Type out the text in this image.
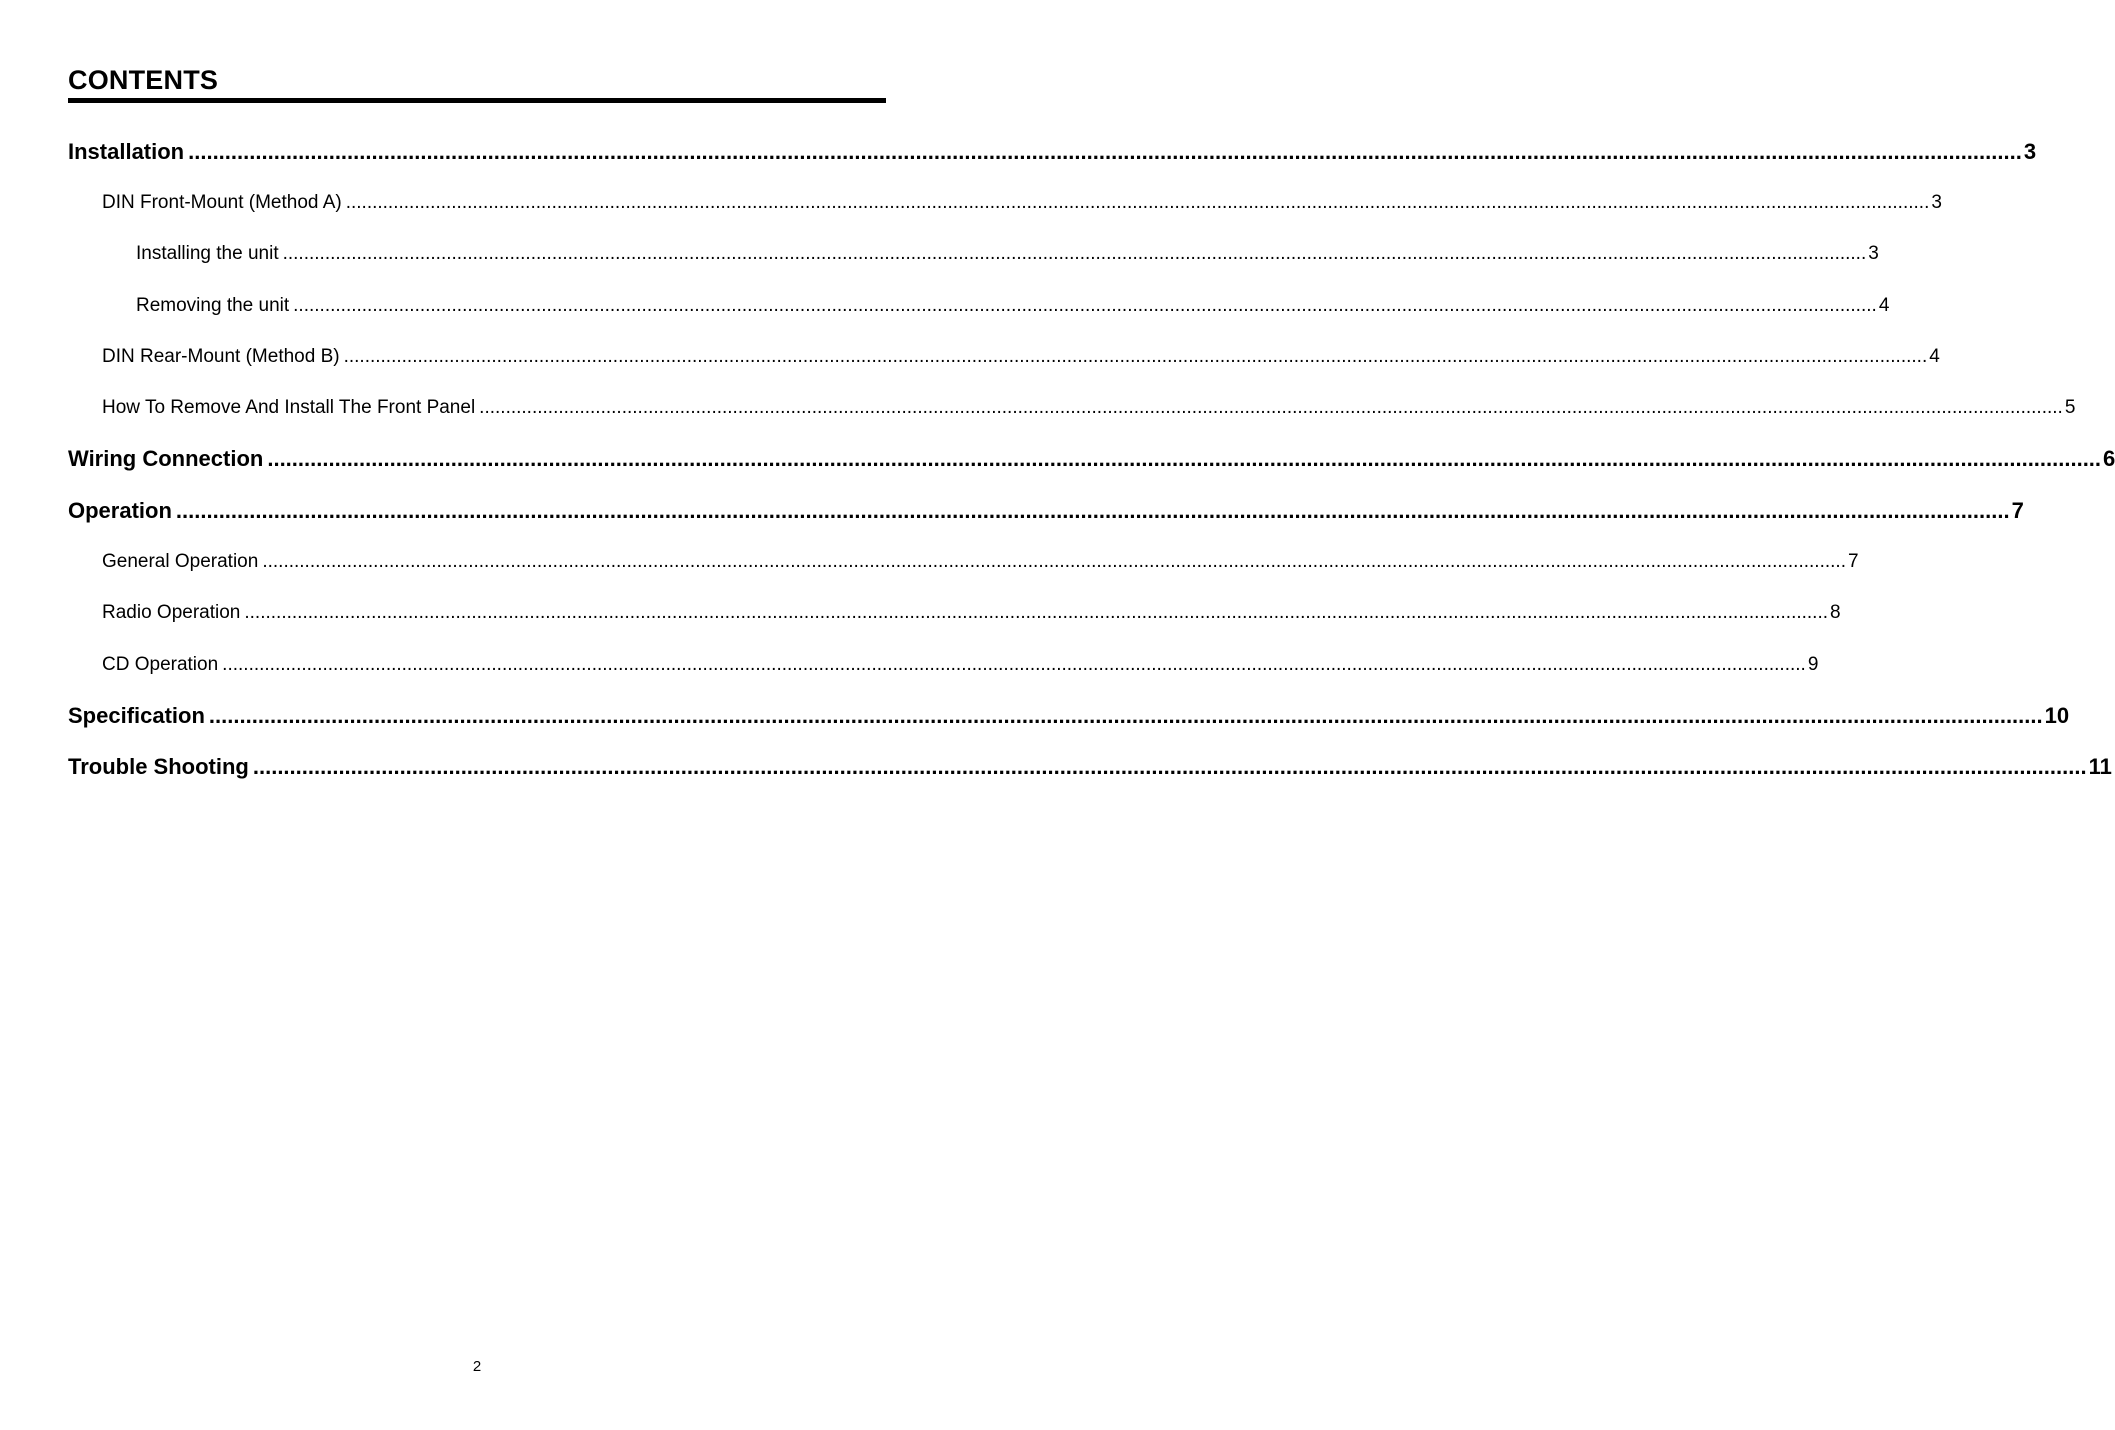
CONTENTS
Installation ............................................................................................................................................................................................................................................................................................................ 3
DIN Front-Mount (Method A) ............................................................................................................................................................................................................................................................................................................ 3
Installing the unit ............................................................................................................................................................................................................................................................................................................ 3
Removing the unit ............................................................................................................................................................................................................................................................................................................ 4
DIN Rear-Mount (Method B) ............................................................................................................................................................................................................................................................................................................ 4
How To Remove And Install The Front Panel ............................................................................................................................................................................................................................................................................................................ 5
Wiring Connection ............................................................................................................................................................................................................................................................................................................ 6
Operation ............................................................................................................................................................................................................................................................................................................ 7
General Operation ............................................................................................................................................................................................................................................................................................................ 7
Radio Operation ............................................................................................................................................................................................................................................................................................................ 8
CD Operation ............................................................................................................................................................................................................................................................................................................ 9
Specification ............................................................................................................................................................................................................................................................................................................ 10
Trouble Shooting ............................................................................................................................................................................................................................................................................................................ 11
2
